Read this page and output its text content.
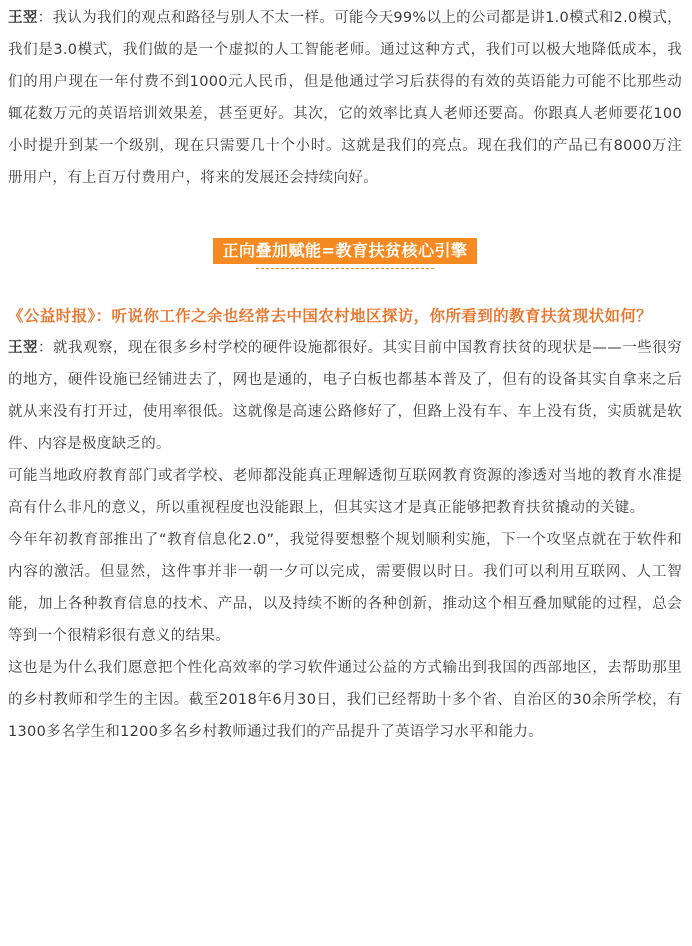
王翌：我认为我们的观点和路径与别人不太一样。可能今天99%以上的公司都是讲1.0模式和2.0模式，我们是3.0模式，我们做的是一个虚拟的人工智能老师。通过这种方式，我们可以极大地降低成本，我们的用户现在一年付费不到1000元人民币，但是他通过学习后获得的有效的英语能力可能不比那些动辄花数万元的英语培训效果差，甚至更好。其次，它的效率比真人老师还要高。你跟真人老师要花100小时提升到某一个级别，现在只需要几十个小时。这就是我们的亮点。现在我们的产品已有8000万注册用户，有上百万付费用户，将来的发展还会持续向好。

正向叠加赋能=教育扶贫核心引擎

《公益时报》：听说你工作之余也经常去中国农村地区探访，你所看到的教育扶贫现状如何？

王翌：就我观察，现在很多乡村学校的硬件设施都很好。其实目前中国教育扶贫的现状是——一些很穷的地方，硬件设施已经铺进去了，网也是通的，电子白板也都基本普及了，但有的设备其实自拿来之后就从来没有打开过，使用率很低。这就像是高速公路修好了，但路上没有车、车上没有货，实质就是软件、内容是极度缺乏的。

可能当地政府教育部门或者学校、老师都没能真正理解透彻互联网教育资源的渗透对当地的教育水准提高有什么非凡的意义，所以重视程度也没能跟上，但其实这才是真正能够把教育扶贫撬动的关键。

今年年初教育部推出了“教育信息化2.0”，我觉得要想整个规划顺利实施，下一个攻坚点就在于软件和内容的激活。但显然，这件事并非一朝一夕可以完成，需要假以时日。我们可以利用互联网、人工智能，加上各种教育信息的技术、产品，以及持续不断的各种创新，推动这个相互叠加赋能的过程，总会等到一个很精彩很有意义的结果。

这也是为什么我们愿意把个性化高效率的学习软件通过公益的方式输出到我国的西部地区，去帮助那里的乡村教师和学生的主因。截至2018年6月30日，我们已经帮助十多个省、自治区的30余所学校，有1300多名学生和1200多名乡村教师通过我们的产品提升了英语学习水平和能力。
